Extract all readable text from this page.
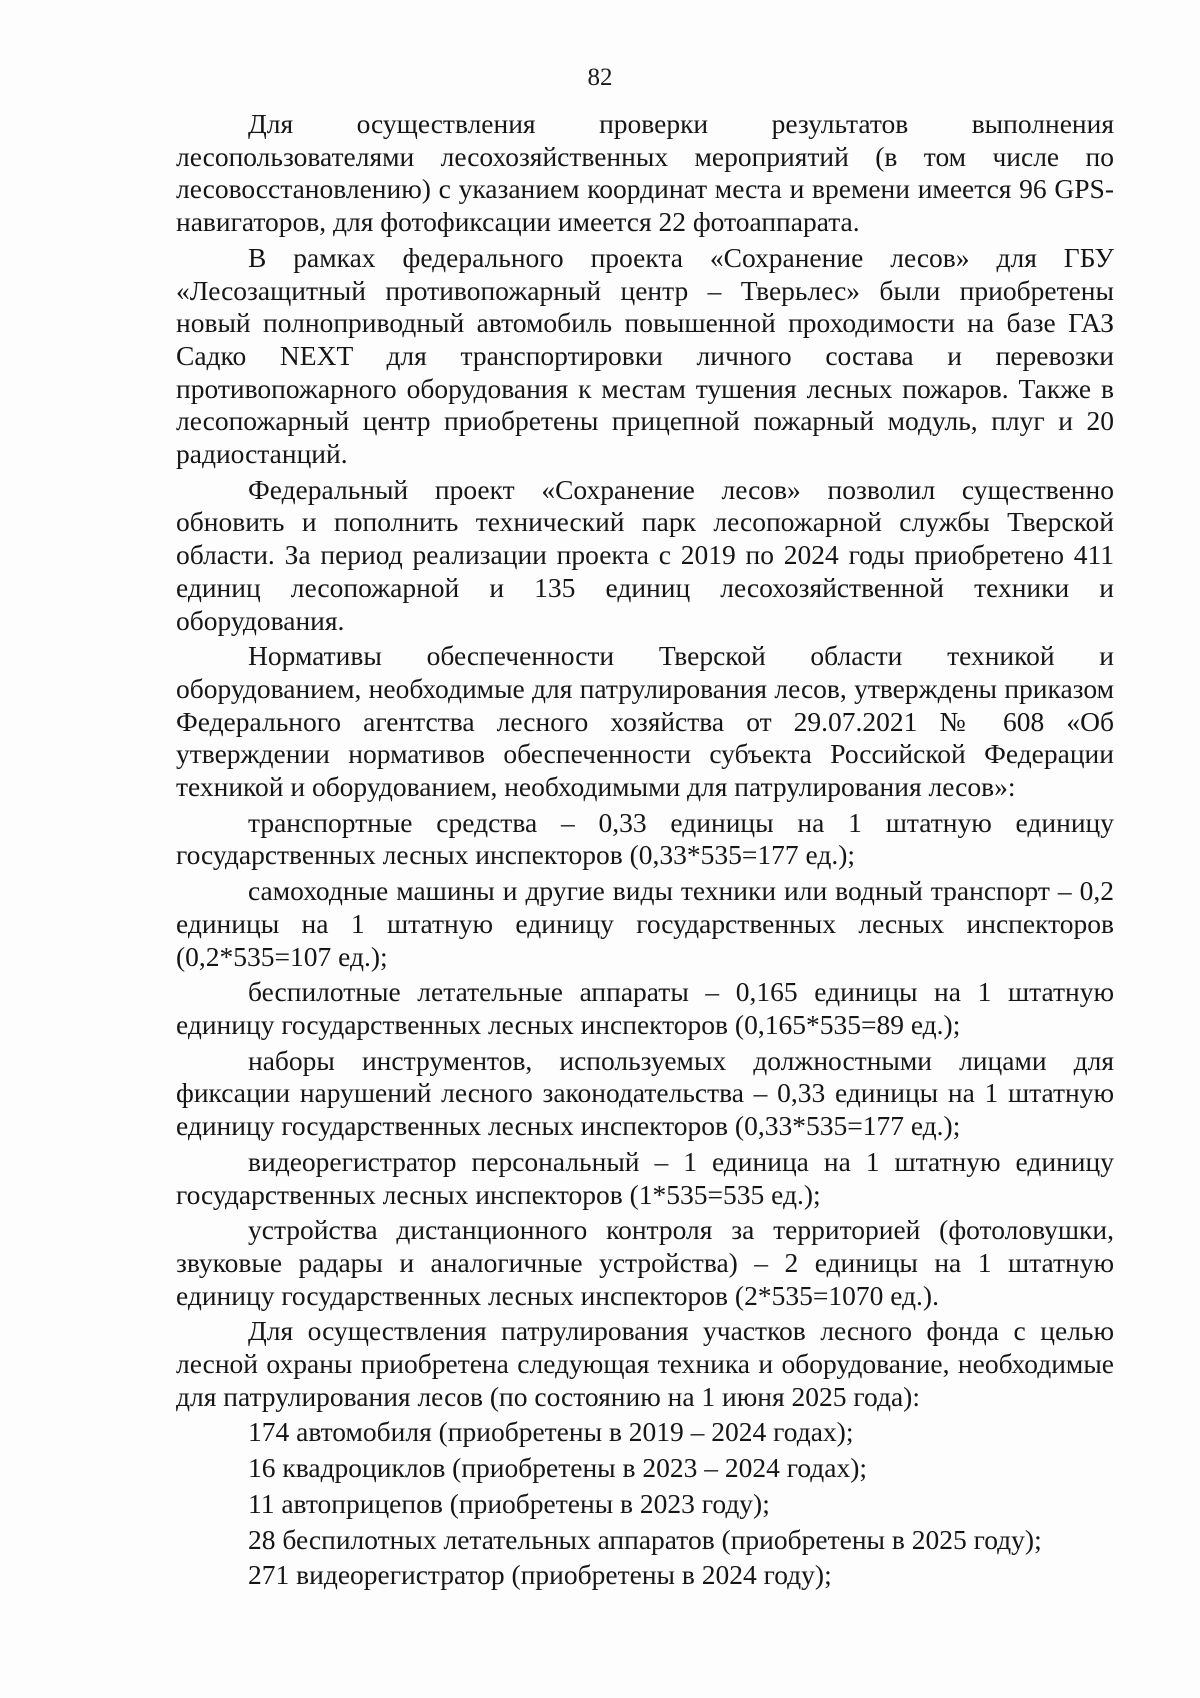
82

Для осуществления проверки результатов выполнения лесопользователями лесохозяйственных мероприятий (в том числе по лесовосстановлению) с указанием координат места и времени имеется 96 GPS-навигаторов, для фотофиксации имеется 22 фотоаппарата.

В рамках федерального проекта «Сохранение лесов» для ГБУ «Лесозащитный противопожарный центр – Тверьлес» были приобретены новый полноприводный автомобиль повышенной проходимости на базе ГАЗ Садко NEXT для транспортировки личного состава и перевозки противопожарного оборудования к местам тушения лесных пожаров. Также в лесопожарный центр приобретены прицепной пожарный модуль, плуг и 20 радиостанций.

Федеральный проект «Сохранение лесов» позволил существенно обновить и пополнить технический парк лесопожарной службы Тверской области. За период реализации проекта с 2019 по 2024 годы приобретено 411 единиц лесопожарной и 135 единиц лесохозяйственной техники и оборудования.

Нормативы обеспеченности Тверской области техникой и оборудованием, необходимые для патрулирования лесов, утверждены приказом Федерального агентства лесного хозяйства от 29.07.2021 № 608 «Об утверждении нормативов обеспеченности субъекта Российской Федерации техникой и оборудованием, необходимыми для патрулирования лесов»:

транспортные средства – 0,33 единицы на 1 штатную единицу государственных лесных инспекторов (0,33*535=177 ед.);

самоходные машины и другие виды техники или водный транспорт – 0,2 единицы на 1 штатную единицу государственных лесных инспекторов (0,2*535=107 ед.);

беспилотные летательные аппараты – 0,165 единицы на 1 штатную единицу государственных лесных инспекторов (0,165*535=89 ед.);

наборы инструментов, используемых должностными лицами для фиксации нарушений лесного законодательства – 0,33 единицы на 1 штатную единицу государственных лесных инспекторов (0,33*535=177 ед.);

видеорегистратор персональный – 1 единица на 1 штатную единицу государственных лесных инспекторов (1*535=535 ед.);

устройства дистанционного контроля за территорией (фотоловушки, звуковые радары и аналогичные устройства) – 2 единицы на 1 штатную единицу государственных лесных инспекторов (2*535=1070 ед.).

Для осуществления патрулирования участков лесного фонда с целью лесной охраны приобретена следующая техника и оборудование, необходимые для патрулирования лесов (по состоянию на 1 июня 2025 года):

174 автомобиля (приобретены в 2019 – 2024 годах);

16 квадроциклов (приобретены в 2023 – 2024 годах);

11 автоприцепов (приобретены в 2023 году);

28 беспилотных летательных аппаратов (приобретены в 2025 году);

271 видеорегистратор (приобретены в 2024 году);
